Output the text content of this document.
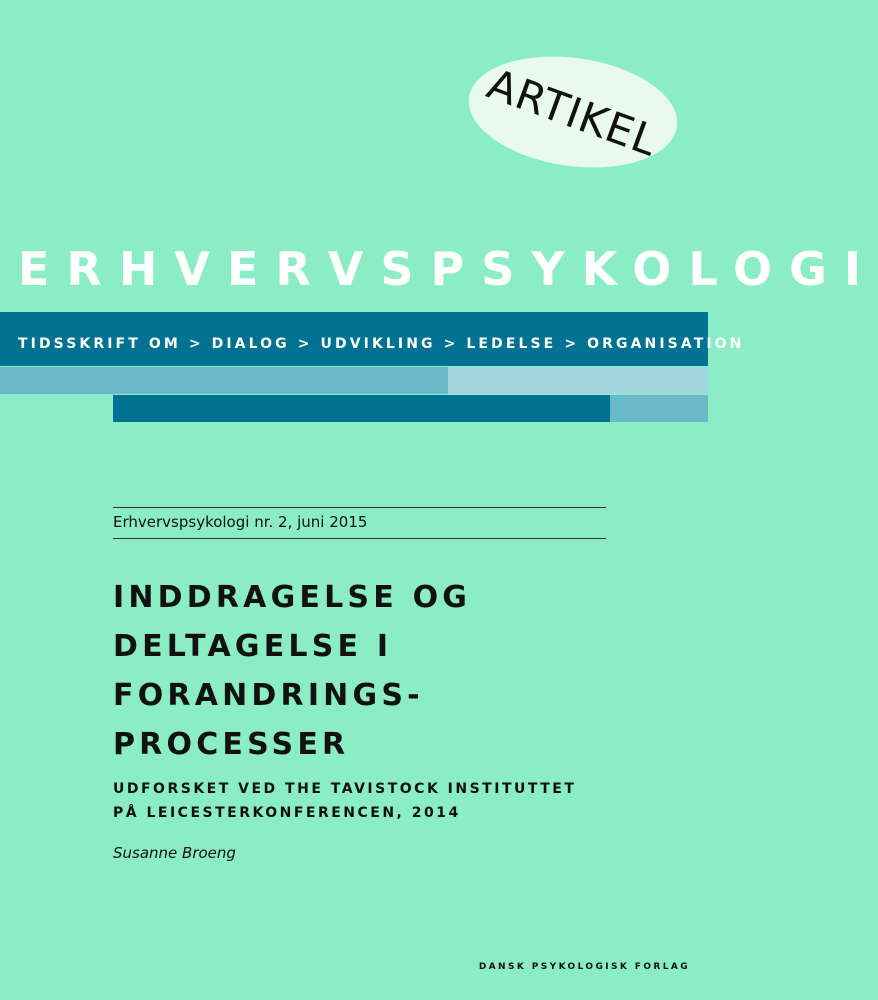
ARTIKEL
ERHVERVSPSYKOLOGI
TIDSSKRIFT OM > DIALOG > UDVIKLING > LEDELSE > ORGANISATION
Erhvervspsykologi nr. 2, juni 2015
INDDRAGELSE OG
DELTAGELSE I
FORANDRINGS-
PROCESSER
UDFORSKET VED THE TAVISTOCK INSTITUTTET
PÅ LEICESTERKONFERENCEN, 2014
Susanne Broeng
DANSK PSYKOLOGISK FORLAG
